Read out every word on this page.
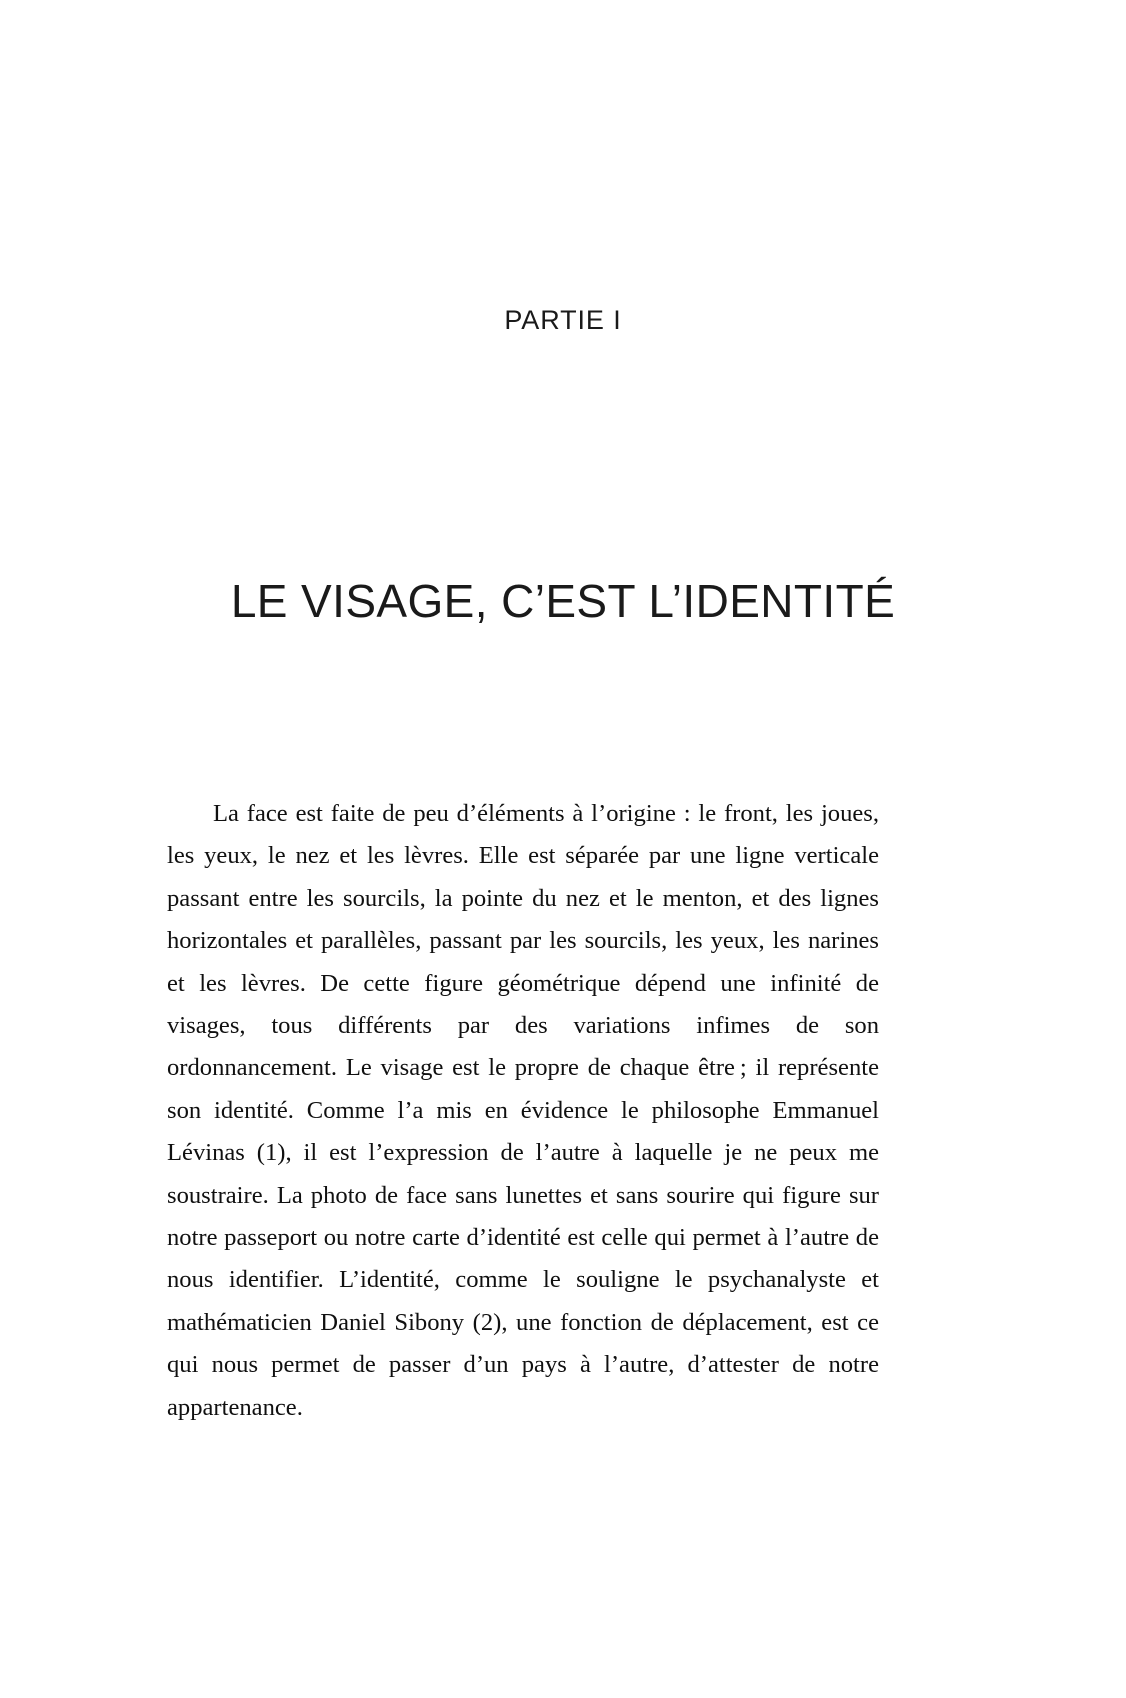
PARTIE I
LE VISAGE, C’EST L’IDENTITÉ

La face est faite de peu d’éléments à l’origine : le front, les joues, les yeux, le nez et les lèvres. Elle est séparée par une ligne verticale passant entre les sourcils, la pointe du nez et le menton, et des lignes horizontales et parallèles, passant par les sourcils, les yeux, les narines et les lèvres. De cette figure géométrique dépend une infinité de visages, tous différents par des variations infimes de son ordonnancement. Le visage est le propre de chaque être ; il représente son identité. Comme l’a mis en évidence le philosophe Emmanuel Lévinas (1), il est l’expression de l’autre à laquelle je ne peux me soustraire. La photo de face sans lunettes et sans sourire qui figure sur notre passeport ou notre carte d’identité est celle qui permet à l’autre de nous identifier. L’identité, comme le souligne le psychanalyste et mathématicien Daniel Sibony (2), une fonction de déplacement, est ce qui nous permet de passer d’un pays à l’autre, d’attester de notre appartenance.
